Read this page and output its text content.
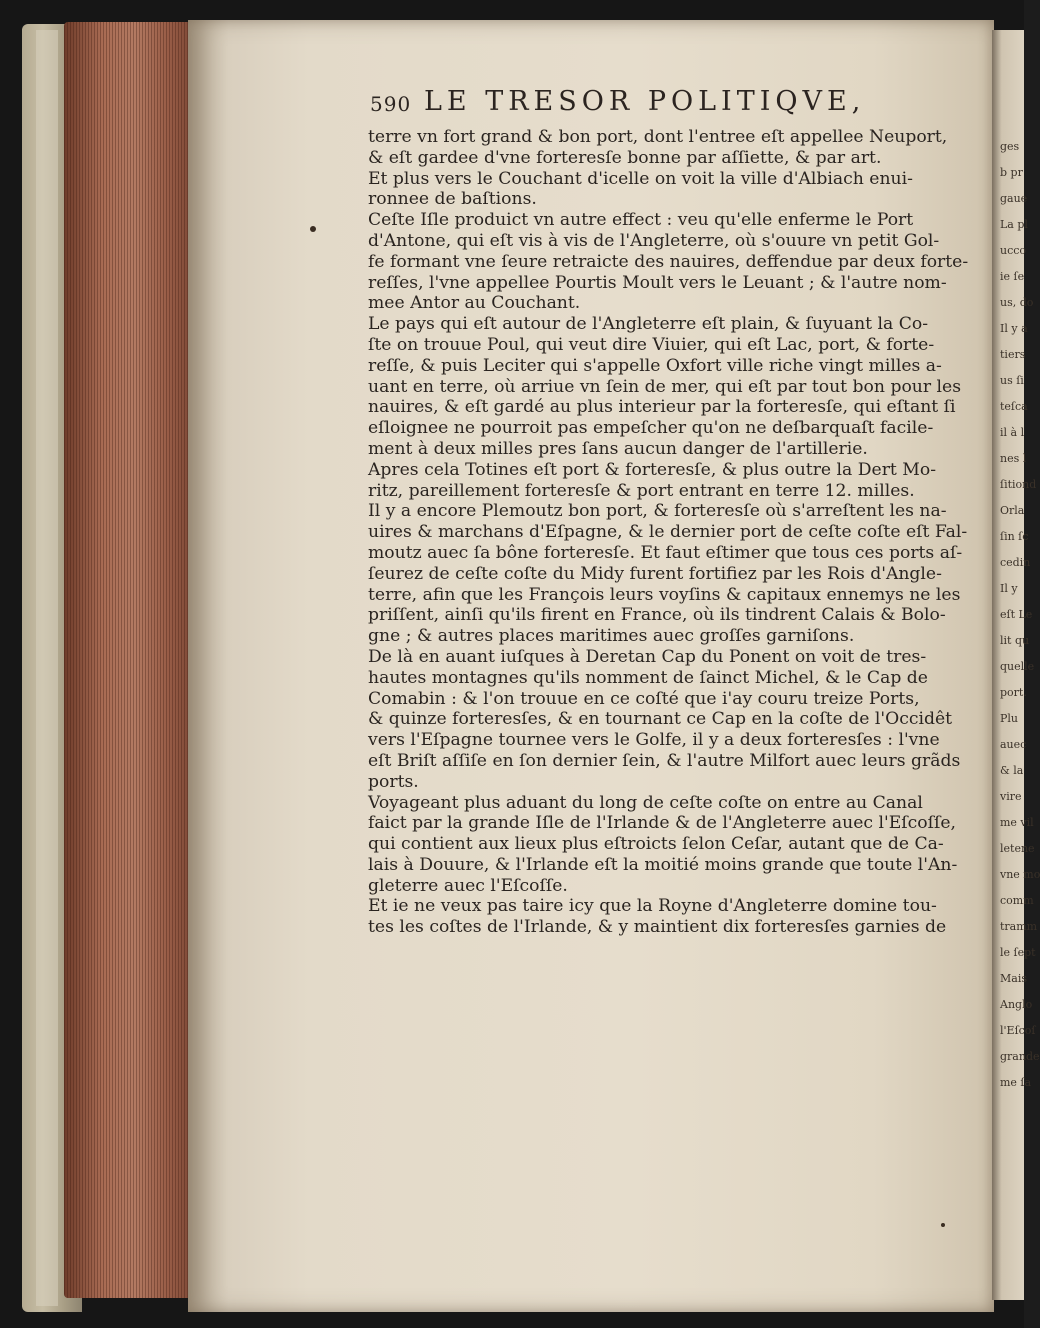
590 LE TRESOR POLITIQVE,
terre vn fort grand & bon port, dont l'entree eſt appellee Neuport,
& eſt gardee d'vne forteresſe bonne par aſſiette, & par art.
Et plus vers le Couchant d'icelle on voit la ville d'Albiach enui-
ronnee de baſtions.
Ceſte Iſle produict vn autre effect : veu qu'elle enferme le Port
d'Antone, qui eſt vis à vis de l'Angleterre, où s'ouure vn petit Gol-
fe formant vne ſeure retraicte des nauires, deffendue par deux forte-
reſſes, l'vne appellee Pourtis Moult vers le Leuant ; & l'autre nom-
mee Antor au Couchant.
Le pays qui eſt autour de l'Angleterre eſt plain, & ſuyuant la Co-
ſte on trouue Poul, qui veut dire Viuier, qui eſt Lac, port, & forte-
reſſe, & puis Leciter qui s'appelle Oxfort ville riche vingt milles a-
uant en terre, où arriue vn ſein de mer, qui eſt par tout bon pour les
nauires, & eſt gardé au plus interieur par la forteresſe, qui eſtant ſi
eſloignee ne pourroit pas empeſcher qu'on ne deſbarquaſt facile-
ment à deux milles pres ſans aucun danger de l'artillerie.
Apres cela Totines eſt port & forteresſe, & plus outre la Dert Mo-
ritz, pareillement forteresſe & port entrant en terre 12. milles.
Il y a encore Plemoutz bon port, & forteresſe où s'arreſtent les na-
uires & marchans d'Eſpagne, & le dernier port de ceſte coſte eſt Fal-
moutz auec ſa bône forteresſe. Et faut eſtimer que tous ces ports aſ-
ſeurez de ceſte coſte du Midy furent fortifiez par les Rois d'Angle-
terre, afin que les François leurs voyſins & capitaux ennemys ne les
priſſent, ainſi qu'ils firent en France, où ils tindrent Calais & Bolo-
gne ; & autres places maritimes auec groſſes garniſons.
De là en auant iuſques à Deretan Cap du Ponent on voit de tres-
hautes montagnes qu'ils nomment de ſainct Michel, & le Cap de
Comabin : & l'on trouue en ce coſté que i'ay couru treize Ports,
& quinze forteresſes, & en tournant ce Cap en la coſte de l'Occidêt
vers l'Eſpagne tournee vers le Golfe, il y a deux forteresſes : l'vne
eſt Briſt aſſiſe en ſon dernier ſein, & l'autre Milfort auec leurs grãds
ports.
Voyageant plus aduant du long de ceſte coſte on entre au Canal
faict par la grande Iſle de l'Irlande & de l'Angleterre auec l'Eſcoſſe,
qui contient aux lieux plus eſtroicts ſelon Ceſar, autant que de Ca-
lais à Douure, & l'Irlande eſt la moitié moins grande que toute l'An-
gleterre auec l'Eſcoſſe.
Et ie ne veux pas taire icy que la Royne d'Angleterre domine tou-
tes les coſtes de l'Irlande, & y maintient dix forteresſes garnies de
ges
b pr
gaue
La pl
ucco
ie ſe
us, do
Il y a
tiers
us ſi
teſca
il à l
nes l
ſitiond
Orla
ſin ſc
cedin
Il y
eſt Le
lit qu
quelle
port.
Plu
auec
& la
vire
me vil
letene
vne mo
comm
tramm
le ſept
Mais
Anglo
l'Eſcoſ
grande
me ſa
